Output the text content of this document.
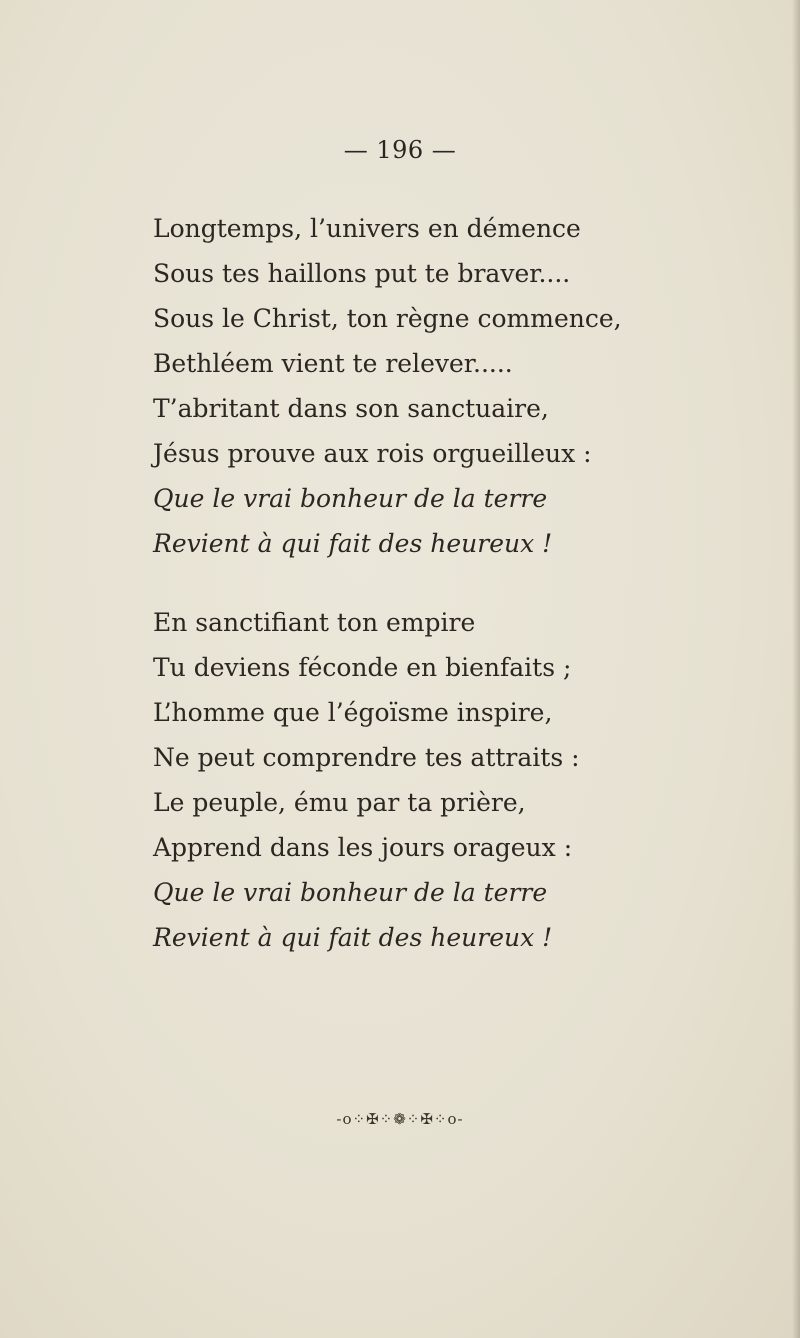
— 196 —
Longtemps, l’univers en démence
Sous tes haillons put te braver....
Sous le Christ, ton règne commence,
Bethléem vient te relever.....
T’abritant dans son sanctuaire,
Jésus prouve aux rois orgueilleux :
Que le vrai bonheur de la terre
Revient à qui fait des heureux !
En sanctifiant ton empire
Tu deviens féconde en bienfaits ;
L’homme que l’égoïsme inspire,
Ne peut comprendre tes attraits :
Le peuple, ému par ta prière,
Apprend dans les jours orageux :
Que le vrai bonheur de la terre
Revient à qui fait des heureux !
-o⁘✠⁘❁⁘✠⁘o-
